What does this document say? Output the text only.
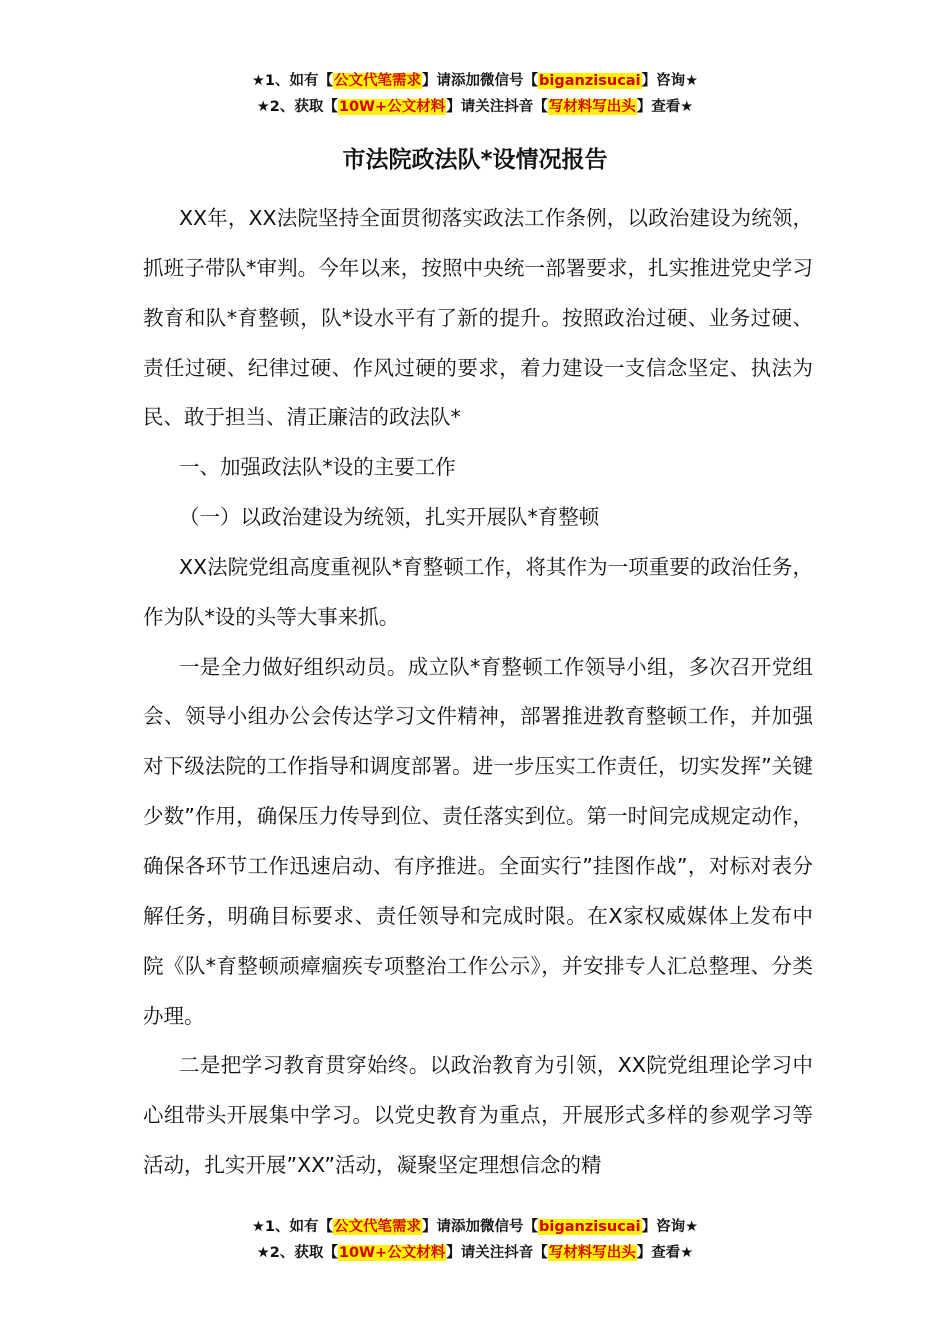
★1、如有【公文代笔需求】请添加微信号【biganzisucai】咨询★
★2、获取【10W+公文材料】请关注抖音【写材料写出头】查看★
市法院政法队*设情况报告

XX年，XX法院坚持全面贯彻落实政法工作条例，以政治建设为统领，抓班子带队*审判。今年以来，按照中央统一部署要求，扎实推进党史学习教育和队*育整顿，队*设水平有了新的提升。按照政治过硬、业务过硬、责任过硬、纪律过硬、作风过硬的要求，着力建设一支信念坚定、执法为民、敢于担当、清正廉洁的政法队*

一、加强政法队*设的主要工作

（一）以政治建设为统领，扎实开展队*育整顿

XX法院党组高度重视队*育整顿工作，将其作为一项重要的政治任务，作为队*设的头等大事来抓。

一是全力做好组织动员。成立队*育整顿工作领导小组，多次召开党组会、领导小组办公会传达学习文件精神，部署推进教育整顿工作，并加强对下级法院的工作指导和调度部署。进一步压实工作责任，切实发挥”关键少数”作用，确保压力传导到位、责任落实到位。第一时间完成规定动作，确保各环节工作迅速启动、有序推进。全面实行”挂图作战”，对标对表分解任务，明确目标要求、责任领导和完成时限。在X家权威媒体上发布中院《队*育整顿顽瘴痼疾专项整治工作公示》，并安排专人汇总整理、分类办理。

二是把学习教育贯穿始终。以政治教育为引领，XX院党组理论学习中心组带头开展集中学习。以党史教育为重点，开展形式多样的参观学习等活动，扎实开展”XX”活动，凝聚坚定理想信念的精

★1、如有【公文代笔需求】请添加微信号【biganzisucai】咨询★
★2、获取【10W+公文材料】请关注抖音【写材料写出头】查看★
